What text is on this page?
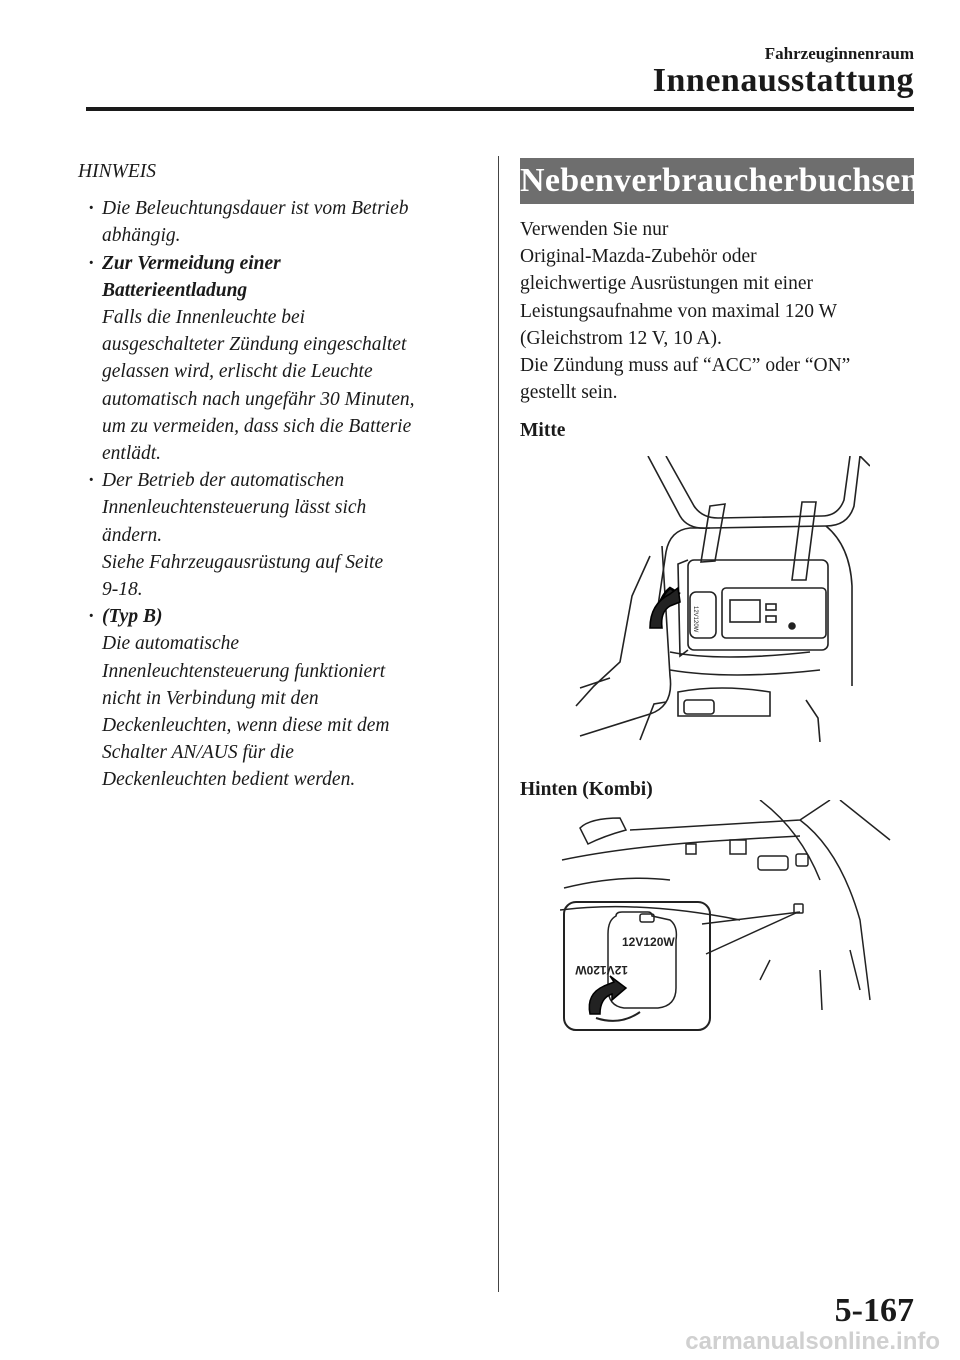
Fahrzeuginnenraum
Innenausstattung
HINWEIS
· Die Beleuchtungsdauer ist vom Betrieb

abhängig.

· Zur Vermeidung einer

Batterieentladung

Falls die Innenleuchte bei

ausgeschalteter Zündung eingeschaltet

gelassen wird, erlischt die Leuchte

automatisch nach ungefähr 30 Minuten,

um zu vermeiden, dass sich die Batterie

entlädt.

· Der Betrieb der automatischen

Innenleuchtensteuerung lässt sich

ändern.

Siehe Fahrzeugausrüstung auf Seite

9-18.

· (Typ B)

Die automatische

Innenleuchtensteuerung funktioniert

nicht in Verbindung mit den

Deckenleuchten, wenn diese mit dem

Schalter AN/AUS für die

Deckenleuchten bedient werden.

Nebenverbraucherbuchsen

Verwenden Sie nur

Original-Mazda-Zubehör oder

gleichwertige Ausrüstungen mit einer

Leistungsaufnahme von maximal 120 W

(Gleichstrom 12 V, 10 A).

Die Zündung muss auf “ACC” oder “ON”

gestellt sein.

Mitte
12V120W
Hinten (Kombi)
12V120W
12V120W
5-167
carmanualsonline.info
